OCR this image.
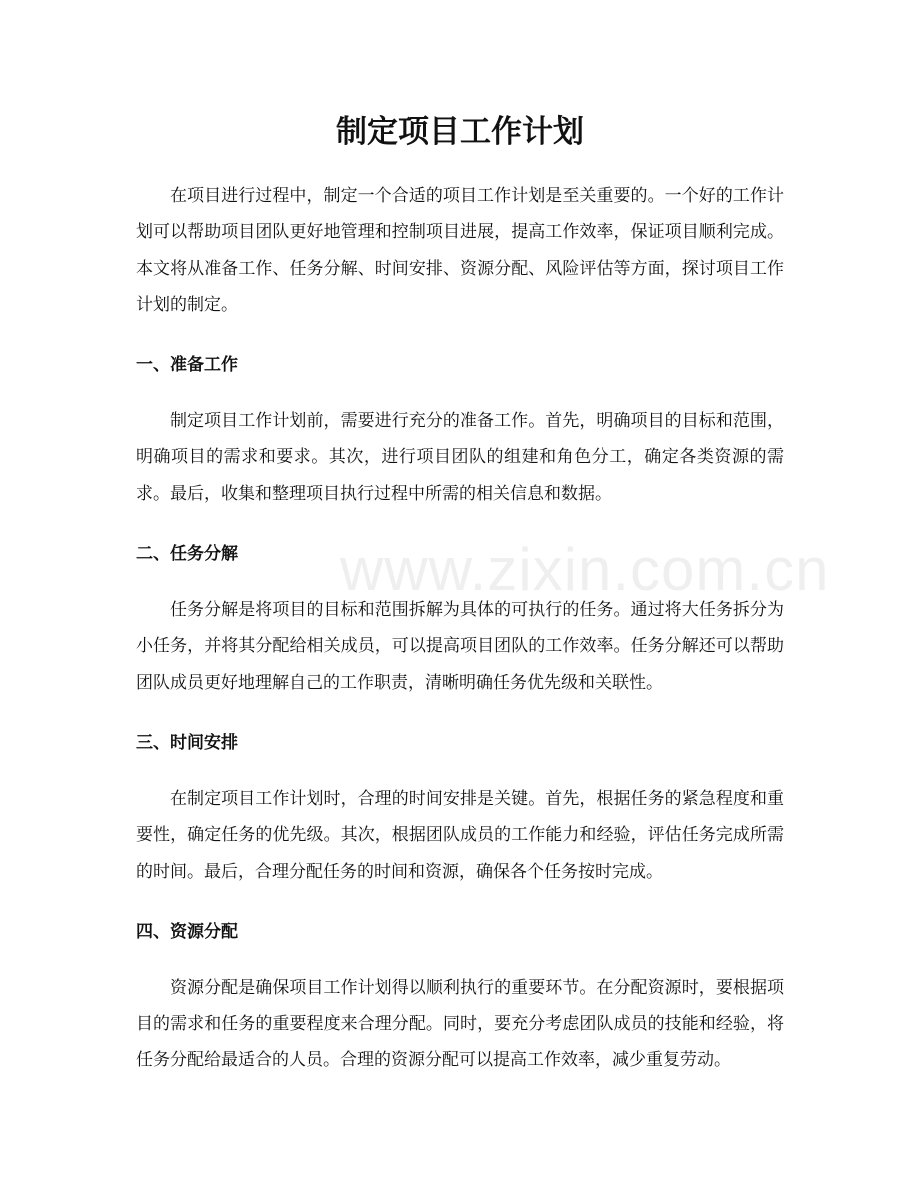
www.zixin.com.cn
制定项目工作计划

在项目进行过程中，制定一个合适的项目工作计划是至关重要的。一个好的工作计划可以帮助项目团队更好地管理和控制项目进展，提高工作效率，保证项目顺利完成。本文将从准备工作、任务分解、时间安排、资源分配、风险评估等方面，探讨项目工作计划的制定。

一、准备工作

制定项目工作计划前，需要进行充分的准备工作。首先，明确项目的目标和范围，明确项目的需求和要求。其次，进行项目团队的组建和角色分工，确定各类资源的需求。最后，收集和整理项目执行过程中所需的相关信息和数据。

二、任务分解

任务分解是将项目的目标和范围拆解为具体的可执行的任务。通过将大任务拆分为小任务，并将其分配给相关成员，可以提高项目团队的工作效率。任务分解还可以帮助团队成员更好地理解自己的工作职责，清晰明确任务优先级和关联性。

三、时间安排

在制定项目工作计划时，合理的时间安排是关键。首先，根据任务的紧急程度和重要性，确定任务的优先级。其次，根据团队成员的工作能力和经验，评估任务完成所需的时间。最后，合理分配任务的时间和资源，确保各个任务按时完成。

四、资源分配

资源分配是确保项目工作计划得以顺利执行的重要环节。在分配资源时，要根据项目的需求和任务的重要程度来合理分配。同时，要充分考虑团队成员的技能和经验，将任务分配给最适合的人员。合理的资源分配可以提高工作效率，减少重复劳动。
